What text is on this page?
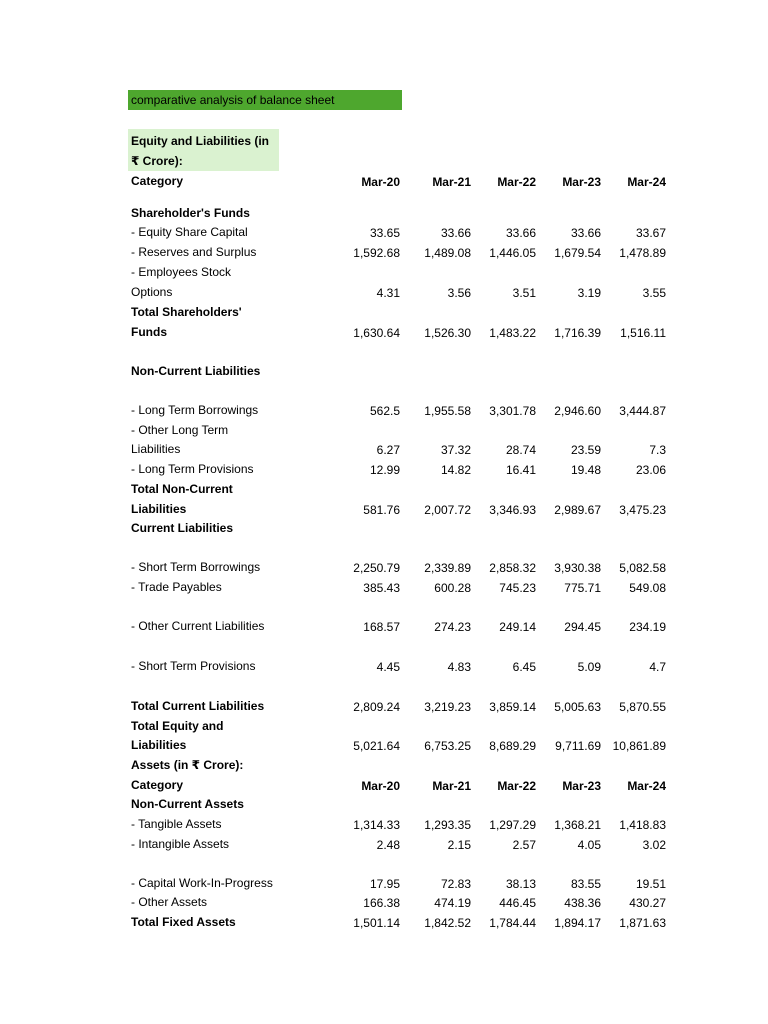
comparative analysis of balance sheet
Equity and Liabilities (in
₹ Crore):
Category	Mar-20	Mar-21 Mar-22 Mar-23 Mar-24
Shareholder's Funds
- Equity Share Capital	33.65	33.66	33.66	33.66	33.67
- Reserves and Surplus	1,592.68 1,489.08 1,446.05 1,679.54 1,478.89
- Employees Stock
Options	4.31	3.56	3.51	3.19	3.55
Total Shareholders'
Funds	1,630.64 1,526.30 1,483.22 1,716.39 1,516.11
Non-Current Liabilities
- Long Term Borrowings	562.5 1,955.58 3,301.78 2,946.60 3,444.87
- Other Long Term
Liabilities	6.27	37.32	28.74	23.59	7.3
- Long Term Provisions	12.99	14.82	16.41	19.48	23.06
Total Non-Current
Liabilities	581.76 2,007.72 3,346.93 2,989.67 3,475.23
Current Liabilities
- Short Term Borrowings	2,250.79 2,339.89 2,858.32 3,930.38 5,082.58
- Trade Payables	385.43	600.28 745.23 775.71 549.08
- Other Current Liabilities	168.57	274.23 249.14 294.45 234.19
- Short Term Provisions	4.45	4.83	6.45	5.09	4.7
Total Current Liabilities	2,809.24 3,219.23 3,859.14 5,005.63 5,870.55
Total Equity and
Liabilities	5,021.64 6,753.25 8,689.29 9,711.69 10,861.89
Assets (in ₹ Crore):
Category	Mar-20	Mar-21 Mar-22 Mar-23 Mar-24
Non-Current Assets
- Tangible Assets	1,314.33 1,293.35 1,297.29 1,368.21 1,418.83
- Intangible Assets	2.48	2.15	2.57	4.05	3.02
- Capital Work-In-Progress	17.95	72.83	38.13	83.55	19.51
- Other Assets	166.38	474.19 446.45 438.36 430.27
Total Fixed Assets	1,501.14 1,842.52 1,784.44 1,894.17 1,871.63
